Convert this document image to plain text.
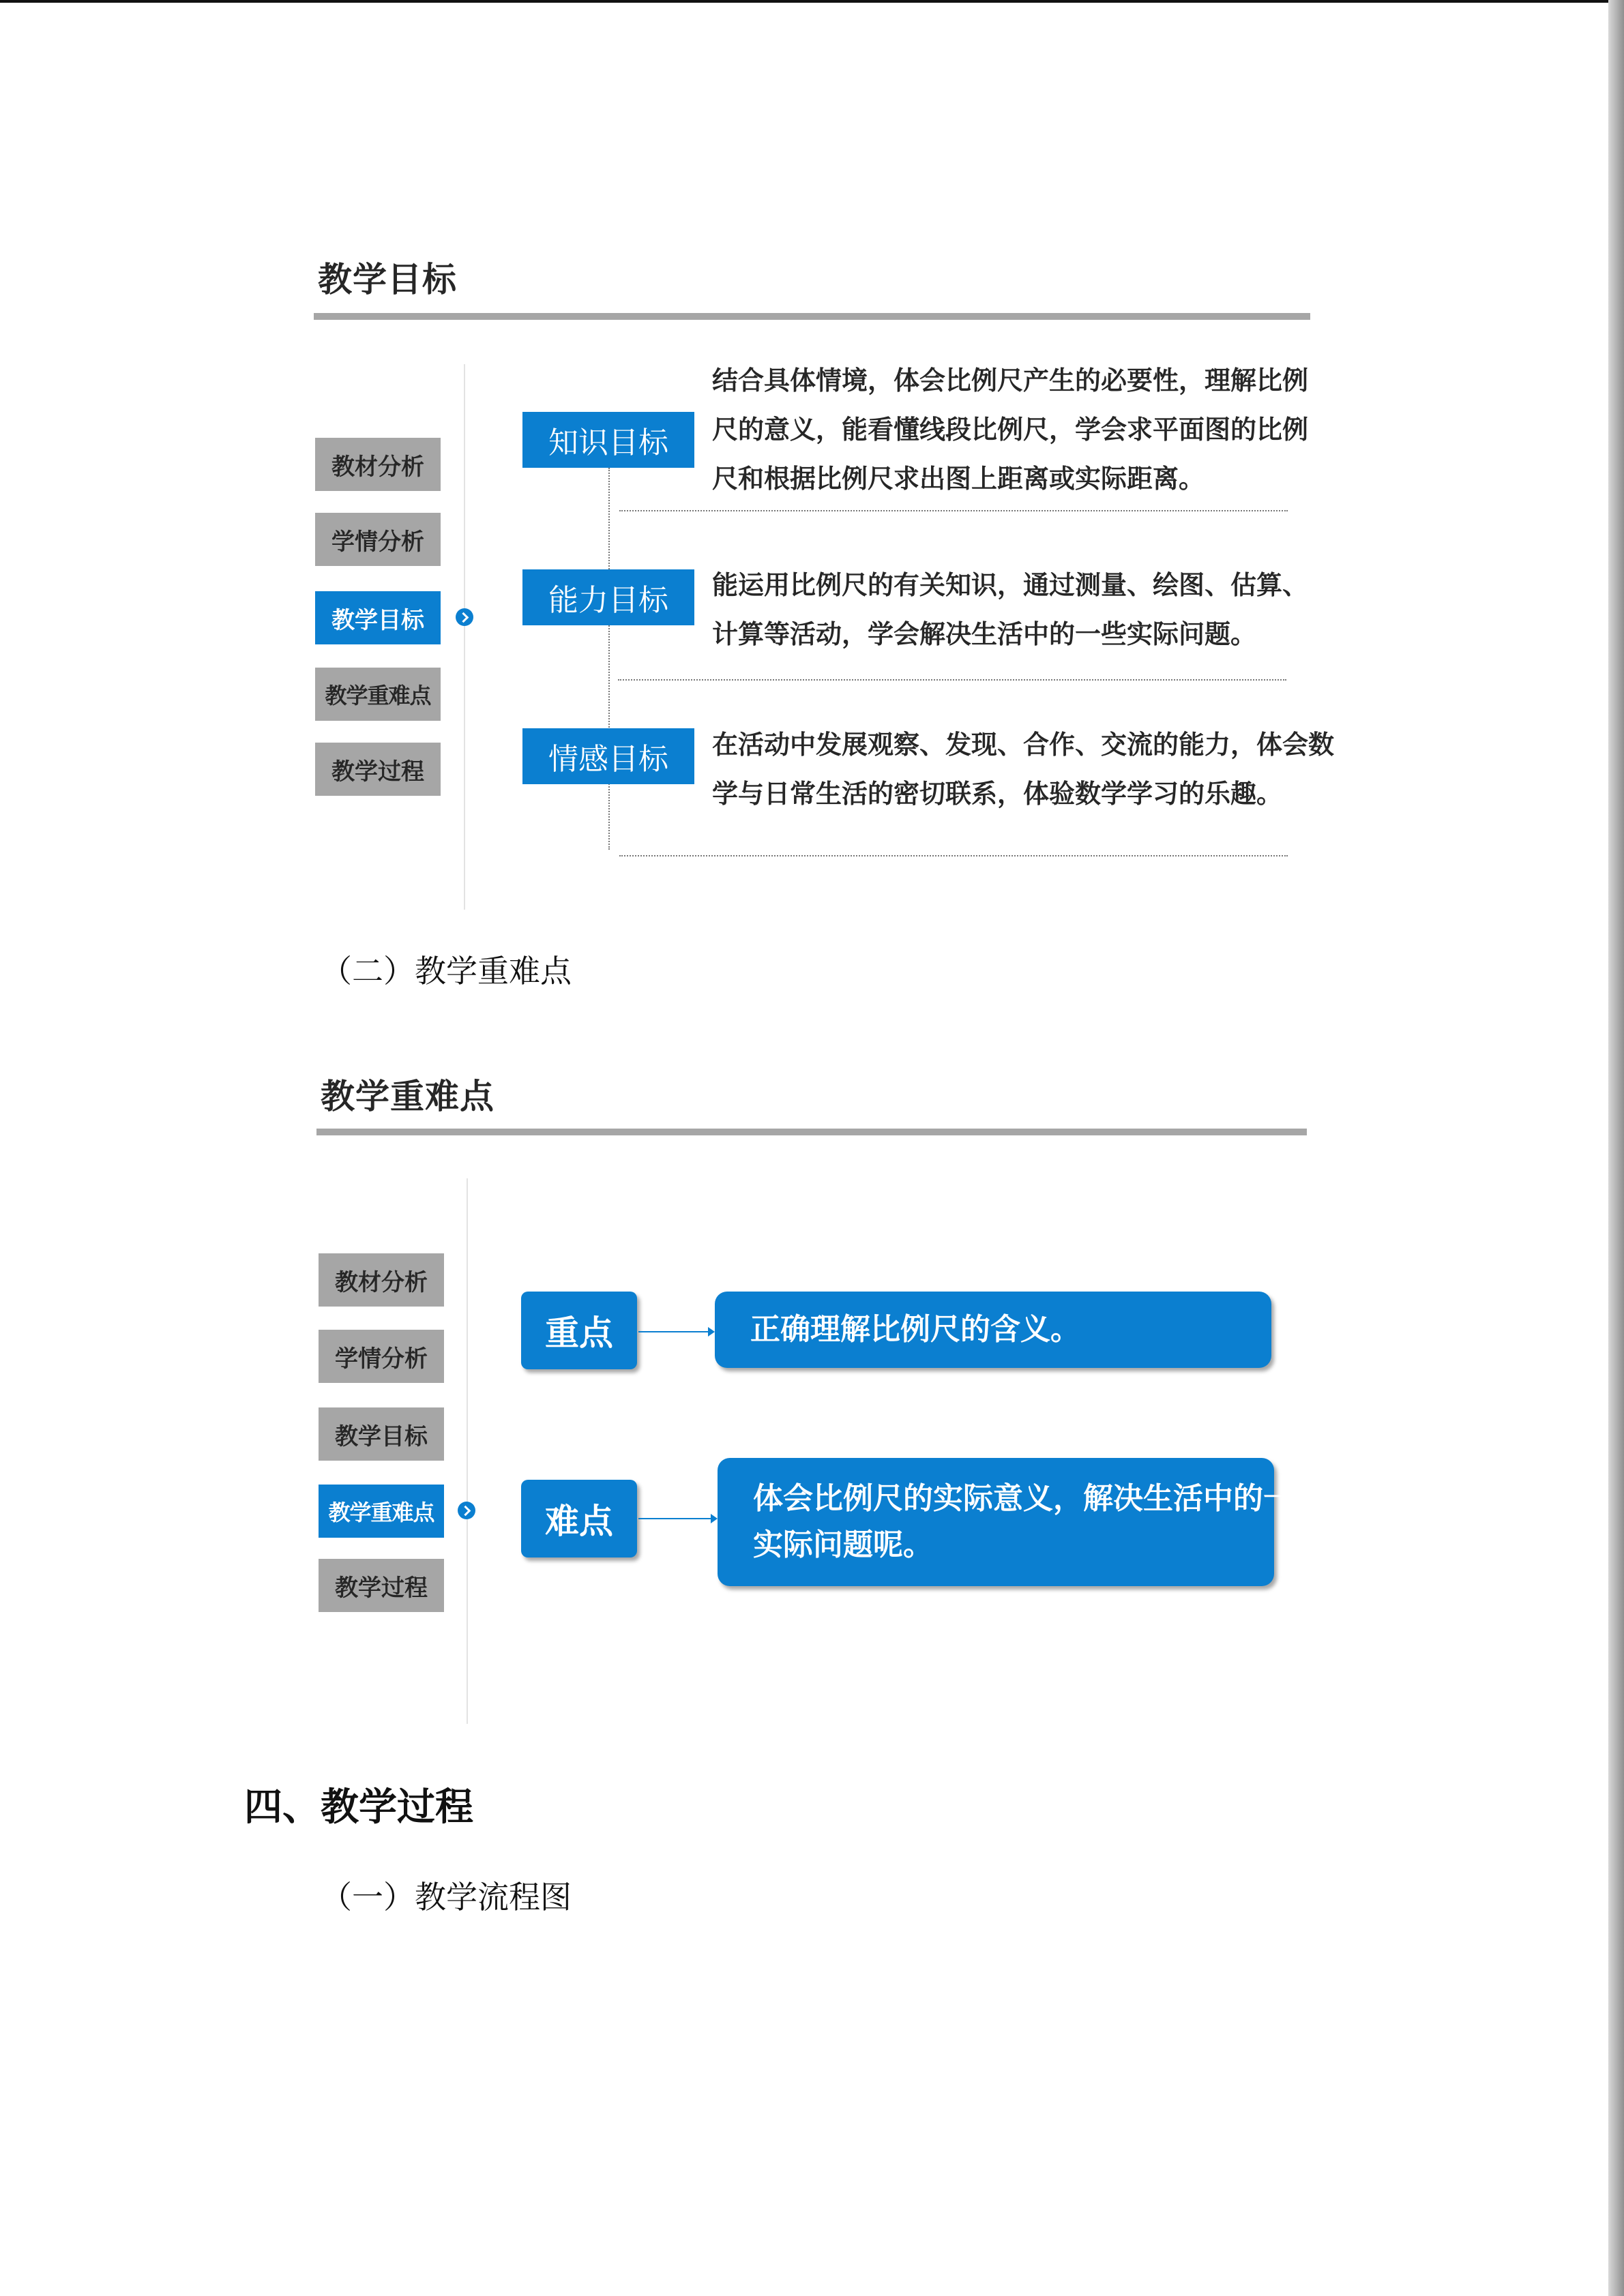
教学目标
教材分析
学情分析
教学目标
教学重难点
教学过程
知识目标
结合具体情境，体会比例尺产生的必要性，理解比例
尺的意义，能看懂线段比例尺，学会求平面图的比例
尺和根据比例尺求出图上距离或实际距离。
能力目标	能运用比例尺的有关知识，通过测量、绘图、估算、
计算等活动，学会解决生活中的一些实际问题。
情感目标	在活动中发展观察、发现、合作、交流的能力，体会数
学与日常生活的密切联系，体验数学学习的乐趣。
（二）教学重难点
教学重难点
教材分析
学情分析
教学目标
教学重难点
教学过程
重点	正确理解比例尺的含义。
难点
体会比例尺的实际意义，解决生活中的一些
实际问题呢。
四、教学过程
（一）教学流程图
